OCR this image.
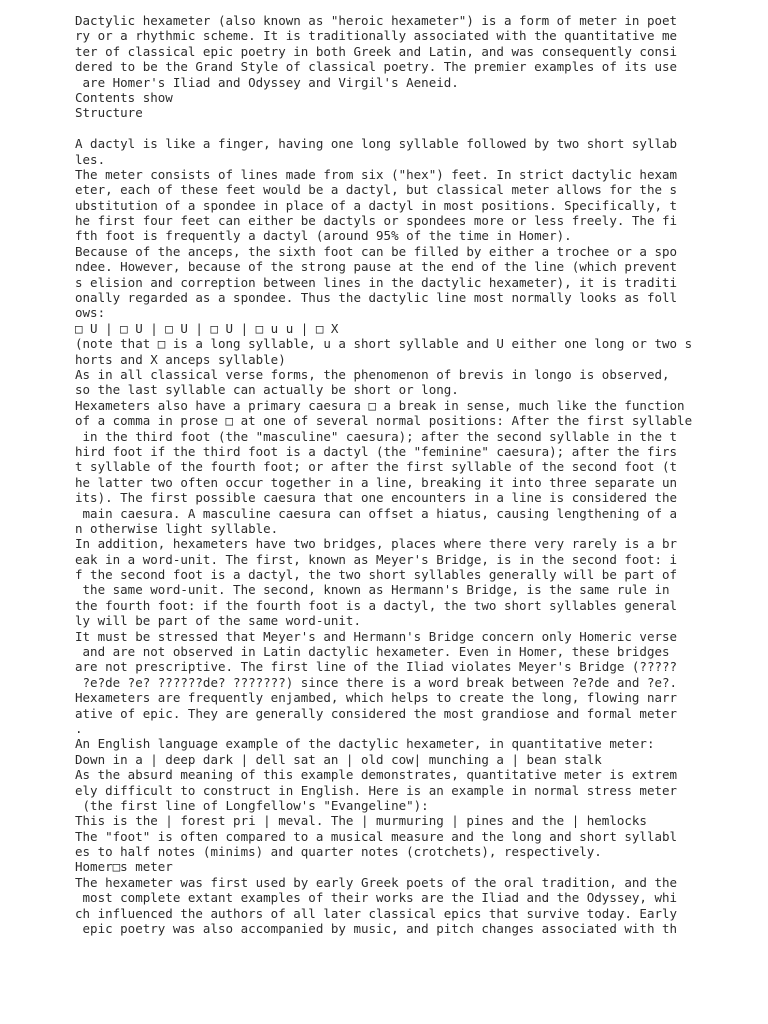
Dactylic hexameter (also known as "heroic hexameter") is a form of meter in poet
ry or a rhythmic scheme. It is traditionally associated with the quantitative me
ter of classical epic poetry in both Greek and Latin, and was consequently consi
dered to be the Grand Style of classical poetry. The premier examples of its use
are Homer's Iliad and Odyssey and Virgil's Aeneid.
Contents show
Structure
A dactyl is like a finger, having one long syllable followed by two short syllab
les.
The meter consists of lines made from six ("hex") feet. In strict dactylic hexam
eter, each of these feet would be a dactyl, but classical meter allows for the s
ubstitution of a spondee in place of a dactyl in most positions. Specifically, t
he first four feet can either be dactyls or spondees more or less freely. The fi
fth foot is frequently a dactyl (around 95% of the time in Homer).
Because of the anceps, the sixth foot can be filled by either a trochee or a spo
ndee. However, because of the strong pause at the end of the line (which prevent
s elision and correption between lines in the dactylic hexameter), it is traditi
onally regarded as a spondee. Thus the dactylic line most normally looks as foll
ows:
□ U | □ U | □ U | □ U | □ u u | □ X
(note that □ is a long syllable, u a short syllable and U either one long or two s
horts and X anceps syllable)
As in all classical verse forms, the phenomenon of brevis in longo is observed,
so the last syllable can actually be short or long.
Hexameters also have a primary caesura □ a break in sense, much like the function
of a comma in prose □ at one of several normal positions: After the first syllable
in the third foot (the "masculine" caesura); after the second syllable in the t
hird foot if the third foot is a dactyl (the "feminine" caesura); after the firs
t syllable of the fourth foot; or after the first syllable of the second foot (t
he latter two often occur together in a line, breaking it into three separate un
its). The first possible caesura that one encounters in a line is considered the
main caesura. A masculine caesura can offset a hiatus, causing lengthening of a
n otherwise light syllable.
In addition, hexameters have two bridges, places where there very rarely is a br
eak in a word-unit. The first, known as Meyer's Bridge, is in the second foot: i
f the second foot is a dactyl, the two short syllables generally will be part of
the same word-unit. The second, known as Hermann's Bridge, is the same rule in
the fourth foot: if the fourth foot is a dactyl, the two short syllables general
ly will be part of the same word-unit.
It must be stressed that Meyer's and Hermann's Bridge concern only Homeric verse
and are not observed in Latin dactylic hexameter. Even in Homer, these bridges
are not prescriptive. The first line of the Iliad violates Meyer's Bridge (?????
?e?de ?e? ??????de? ???????) since there is a word break between ?e?de and ?e?.
Hexameters are frequently enjambed, which helps to create the long, flowing narr
ative of epic. They are generally considered the most grandiose and formal meter
.
An English language example of the dactylic hexameter, in quantitative meter:
Down in a | deep dark | dell sat an | old cow| munching a | bean stalk
As the absurd meaning of this example demonstrates, quantitative meter is extrem
ely difficult to construct in English. Here is an example in normal stress meter
(the first line of Longfellow's "Evangeline"):
This is the | forest pri | meval. The | murmuring | pines and the | hemlocks
The "foot" is often compared to a musical measure and the long and short syllabl
es to half notes (minims) and quarter notes (crotchets), respectively.
Homer□s meter
The hexameter was first used by early Greek poets of the oral tradition, and the
most complete extant examples of their works are the Iliad and the Odyssey, whi
ch influenced the authors of all later classical epics that survive today. Early
epic poetry was also accompanied by music, and pitch changes associated with th
